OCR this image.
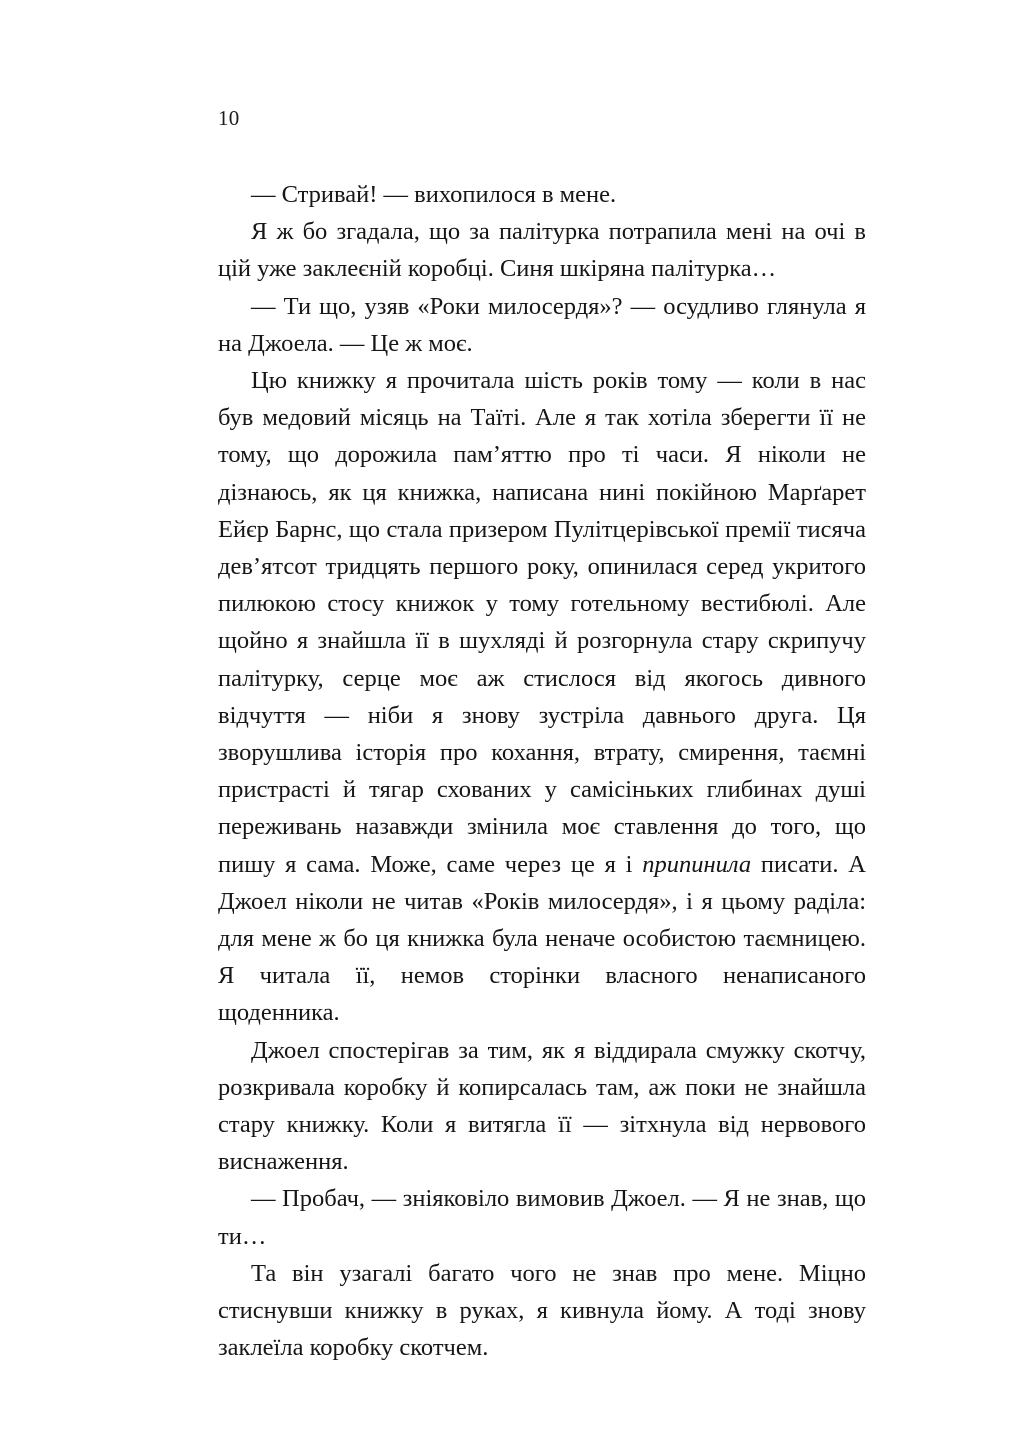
10

— Стривай! — вихопилося в мене.

Я ж бо згадала, що за палітурка потрапила мені на очі в цій уже заклеєній коробці. Синя шкіряна палітурка…

— Ти що, узяв «Роки милосердя»? — осудливо глянула я на Джоела. — Це ж моє.

Цю книжку я прочитала шість років тому — коли в нас був медовий місяць на Таїті. Але я так хотіла зберегти її не тому, що дорожила пам’яттю про ті часи. Я ніколи не дізнаюсь, як ця книжка, написана нині покійною Марґарет Ейєр Барнс, що стала призером Пулітцерівської премії тисяча дев’ятсот тридцять першого року, опинилася серед укритого пилюкою стосу книжок у тому готельному вестибюлі. Але щойно я знайшла її в шухляді й розгорнула стару скрипучу палітурку, серце моє аж стислося від якогось дивного відчуття — ніби я знову зустріла давнього друга. Ця зворушлива історія про кохання, втрату, смирення, таємні пристрасті й тягар схованих у самісіньких глибинах душі переживань назавжди змінила моє ставлення до того, що пишу я сама. Може, саме через це я і припинила писати. А Джоел ніколи не читав «Років милосердя», і я цьому раділа: для мене ж бо ця книжка була неначе особистою таємницею. Я читала її, немов сторінки власного ненаписаного щоденника.

Джоел спостерігав за тим, як я віддирала смужку скотчу, розкривала коробку й копирсалась там, аж поки не знайшла стару книжку. Коли я витягла її — зітхнула від нервового виснаження.

— Пробач, — зніяковіло вимовив Джоел. — Я не знав, що ти…

Та він узагалі багато чого не знав про мене. Міцно стиснувши книжку в руках, я кивнула йому. А тоді знову заклеїла коробку скотчем.
